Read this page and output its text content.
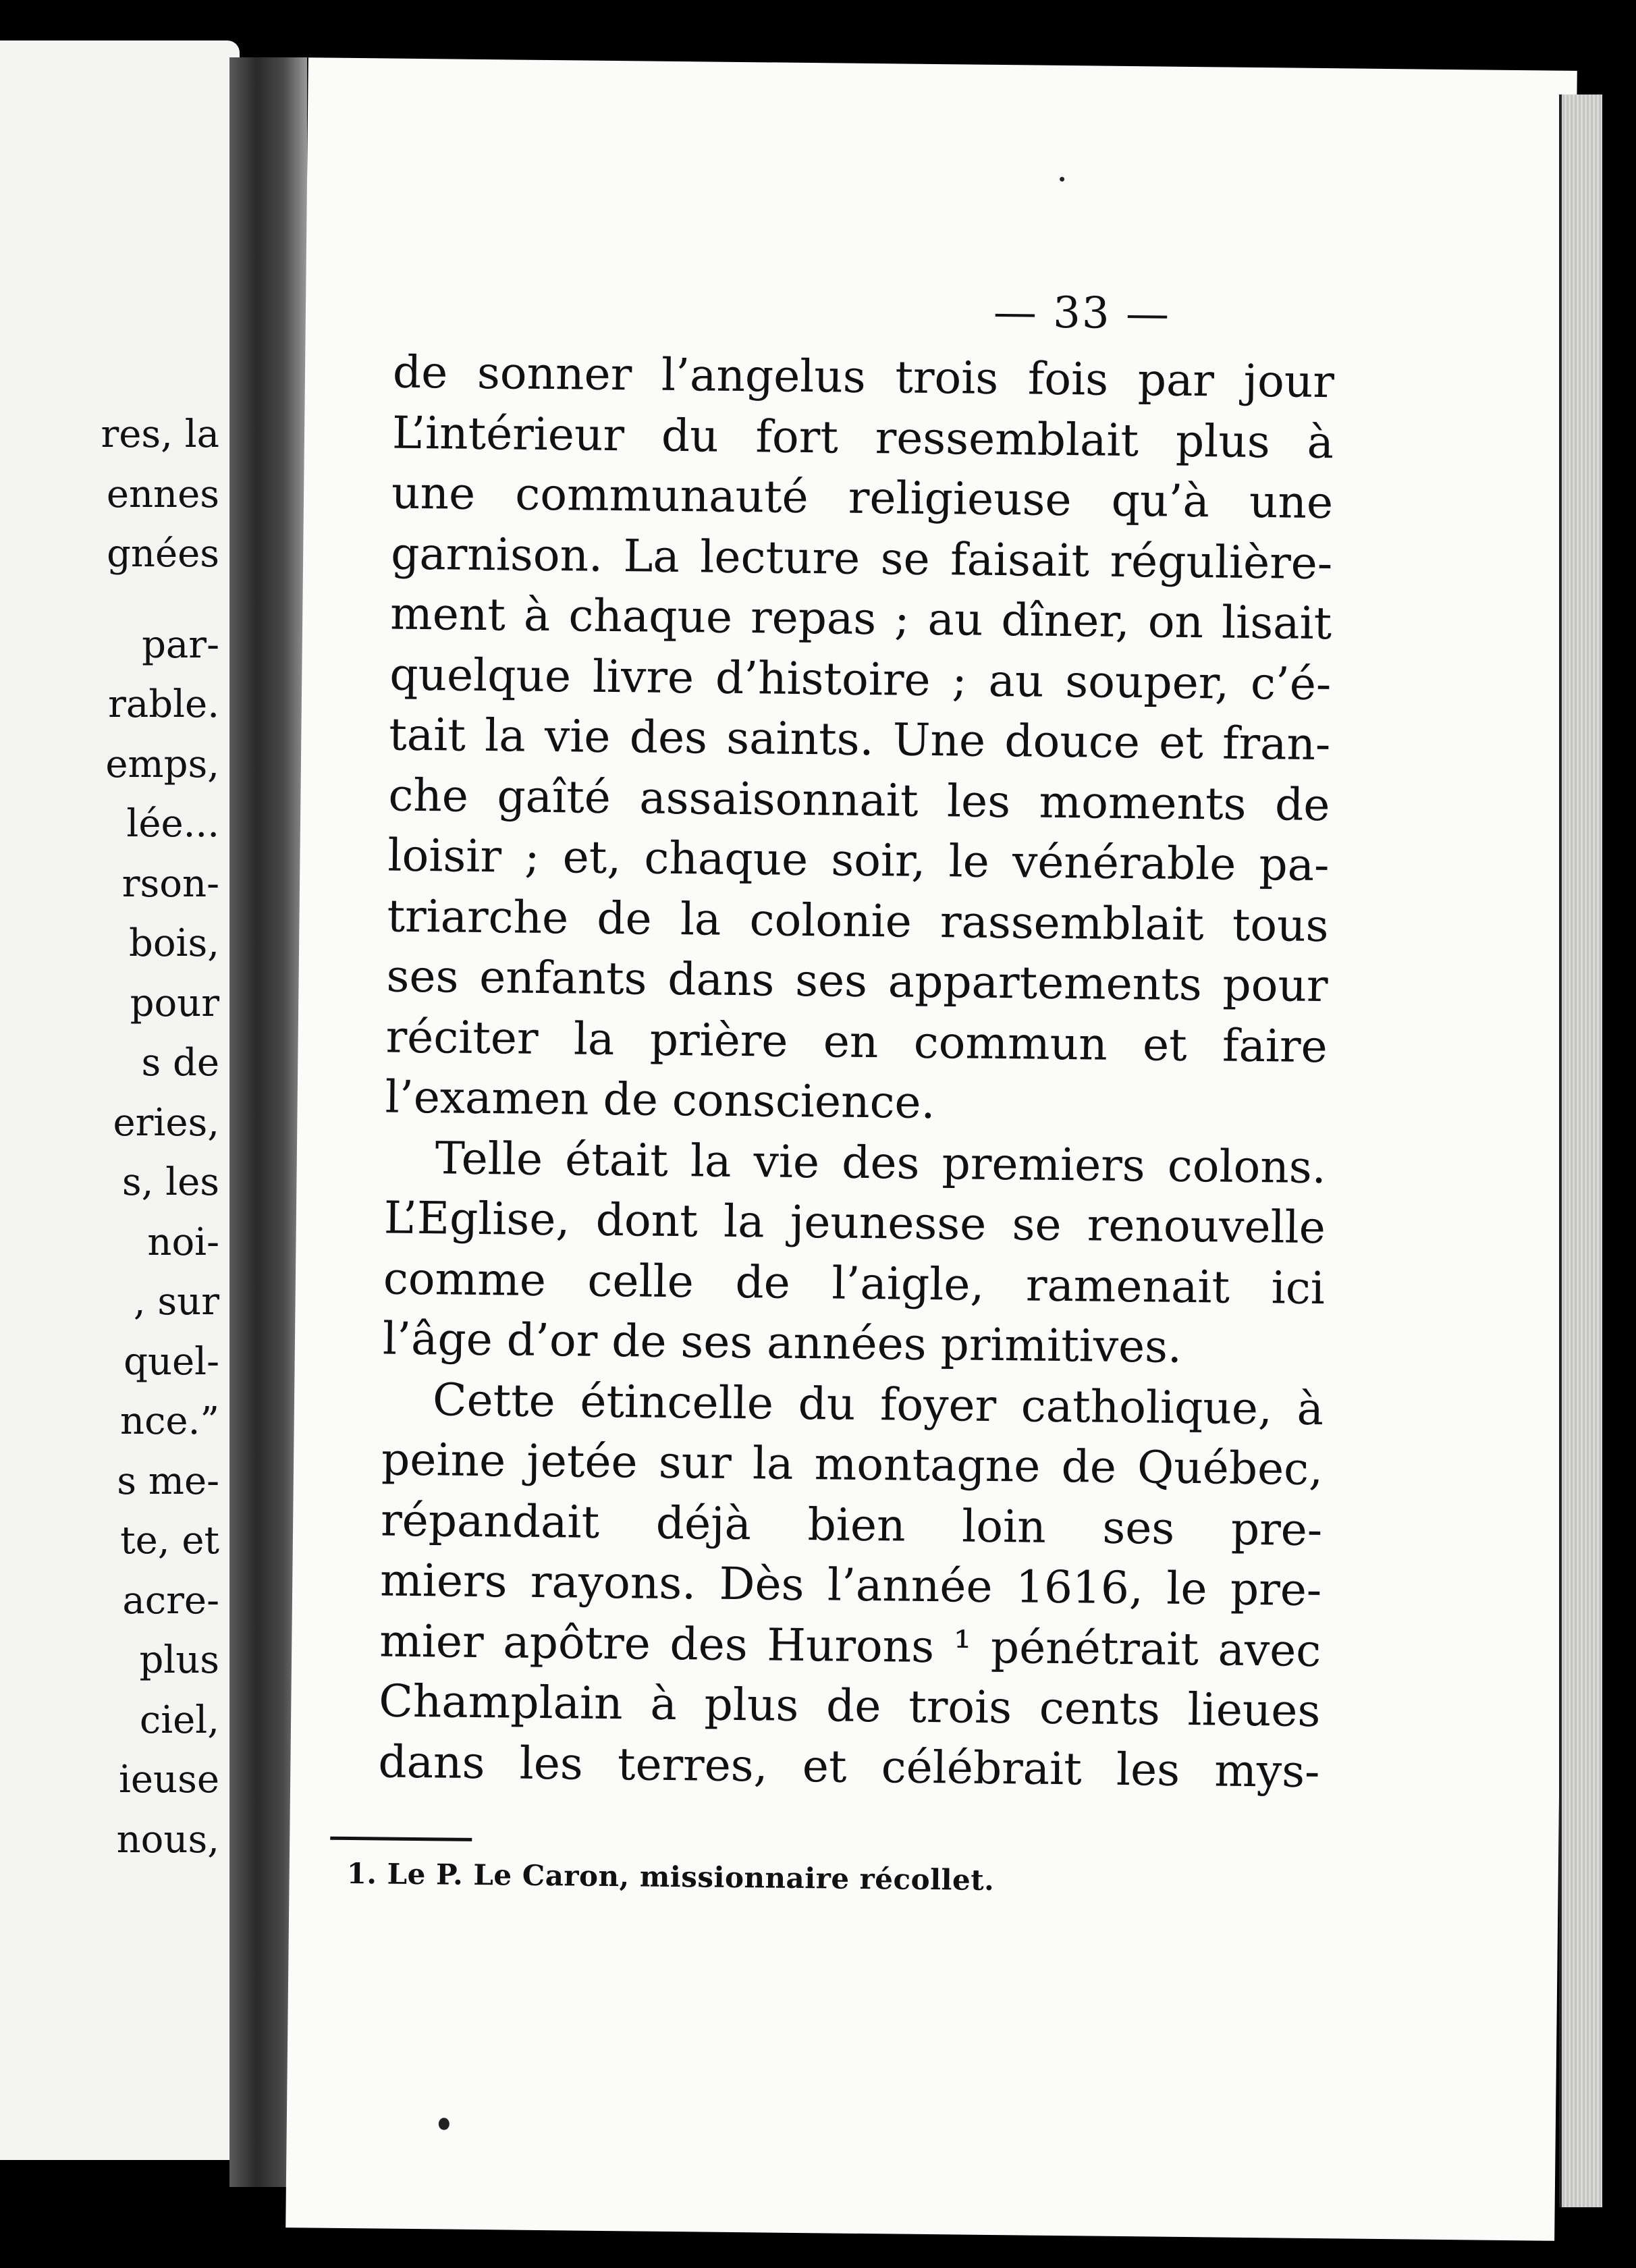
res, la
ennes
gnées
par-
rable.
emps,
lée...
rson-
bois,
pour
s de
eries,
s, les
noi-
, sur
quel-
nce.”
s me-
te, et
acre-
plus
ciel,
ieuse
nous,
— 33 —
de sonner l’angelus trois fois par jour
L’intérieur du fort ressemblait plus à
une communauté religieuse qu’à une
garnison. La lecture se faisait régulière-
ment à chaque repas ; au dîner, on lisait
quelque livre d’histoire ; au souper, c’é-
tait la vie des saints. Une douce et fran-
che gaîté assaisonnait les moments de
loisir ; et, chaque soir, le vénérable pa-
triarche de la colonie rassemblait tous
ses enfants dans ses appartements pour
réciter la prière en commun et faire
l’examen de conscience.
Telle était la vie des premiers colons.
L’Eglise, dont la jeunesse se renouvelle
comme celle de l’aigle, ramenait ici
l’âge d’or de ses années primitives.
Cette étincelle du foyer catholique, à
peine jetée sur la montagne de Québec,
répandait déjà bien loin ses pre-
miers rayons. Dès l’année 1616, le pre-
mier apôtre des Hurons ¹ pénétrait avec
Champlain à plus de trois cents lieues
dans les terres, et célébrait les mys-
1. Le P. Le Caron, missionnaire récollet.
